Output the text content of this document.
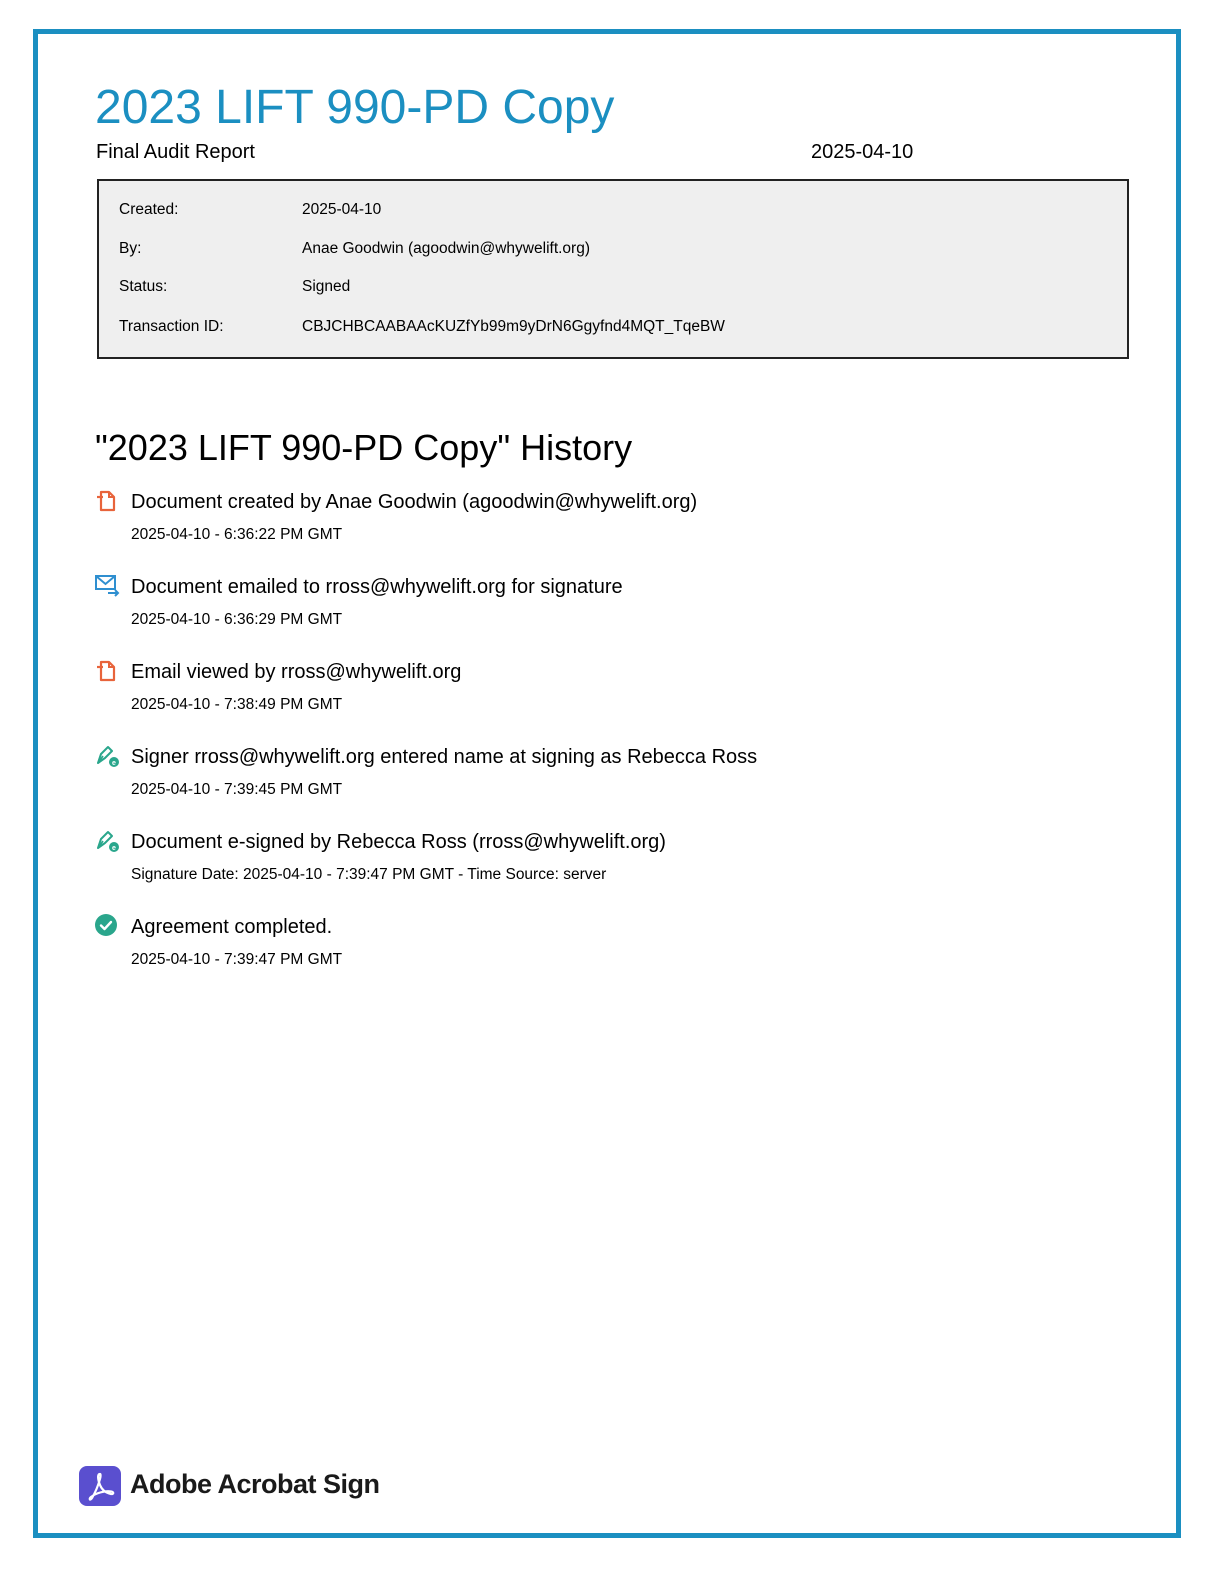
2023 LIFT 990-PD Copy
Final Audit Report	2025-04-10
Created:	2025-04-10
By:	Anae Goodwin (agoodwin@whywelift.org)
Status:	Signed
Transaction ID:	CBJCHBCAABAAcKUZfYb99m9yDrN6Ggyfnd4MQT_TqeBW
"2023 LIFT 990-PD Copy" History
Document created by Anae Goodwin (agoodwin@whywelift.org)
2025-04-10 - 6:36:22 PM GMT
Document emailed to rross@whywelift.org for signature
2025-04-10 - 6:36:29 PM GMT
Email viewed by rross@whywelift.org
2025-04-10 - 7:38:49 PM GMT
e Signer rross@whywelift.org entered name at signing as Rebecca Ross
2025-04-10 - 7:39:45 PM GMT
e Document e-signed by Rebecca Ross (rross@whywelift.org)
Signature Date: 2025-04-10 - 7:39:47 PM GMT - Time Source: server
Agreement completed.
2025-04-10 - 7:39:47 PM GMT
Adobe Acrobat Sign
